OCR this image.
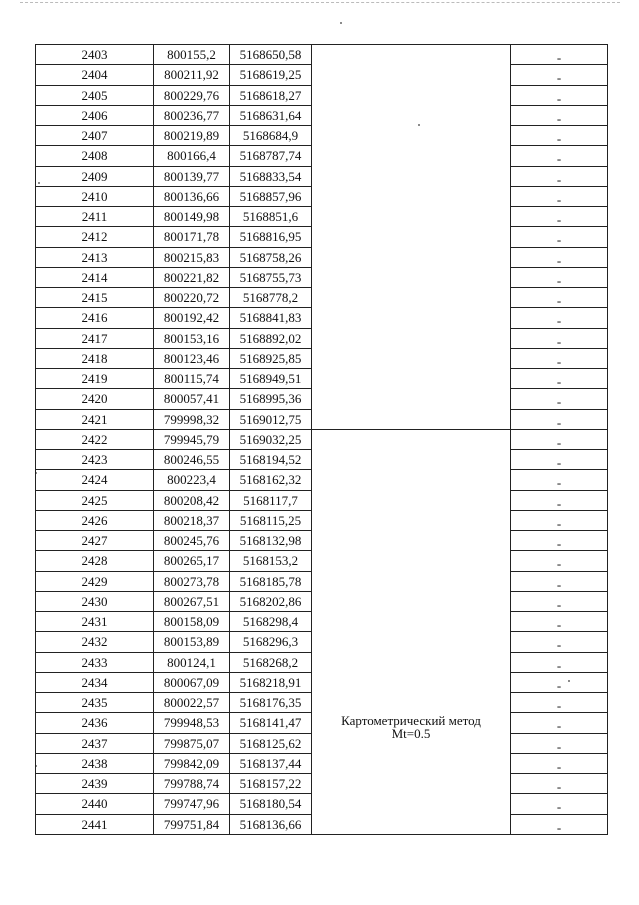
2403	800155,2	5168650,58		-
2404	800211,92	5168619,25		-
2405	800229,76	5168618,27		-
2406	800236,77	5168631,64		-
2407	800219,89	5168684,9		-
2408	800166,4	5168787,74		-
2409	800139,77	5168833,54		-
2410	800136,66	5168857,96		-
2411	800149,98	5168851,6		-
2412	800171,78	5168816,95		-
2413	800215,83	5168758,26		-
2414	800221,82	5168755,73		-
2415	800220,72	5168778,2		-
2416	800192,42	5168841,83		-
2417	800153,16	5168892,02		-
2418	800123,46	5168925,85		-
2419	800115,74	5168949,51		-
2420	800057,41	5168995,36		-
2421	799998,32	5169012,75		-
2422	799945,79	5169032,25	Картометрический метод
Mt=0.5	-
2423	800246,55	5168194,52		-
2424	800223,4	5168162,32		-
2425	800208,42	5168117,7		-
2426	800218,37	5168115,25		-
2427	800245,76	5168132,98		-
2428	800265,17	5168153,2		-
2429	800273,78	5168185,78		-
2430	800267,51	5168202,86		-
2431	800158,09	5168298,4		-
2432	800153,89	5168296,3		-
2433	800124,1	5168268,2		-
2434	800067,09	5168218,91		-
2435	800022,57	5168176,35		-
2436	799948,53	5168141,47		-
2437	799875,07	5168125,62		-
2438	799842,09	5168137,44		-
2439	799788,74	5168157,22		-
2440	799747,96	5168180,54		-
2441	799751,84	5168136,66		-
